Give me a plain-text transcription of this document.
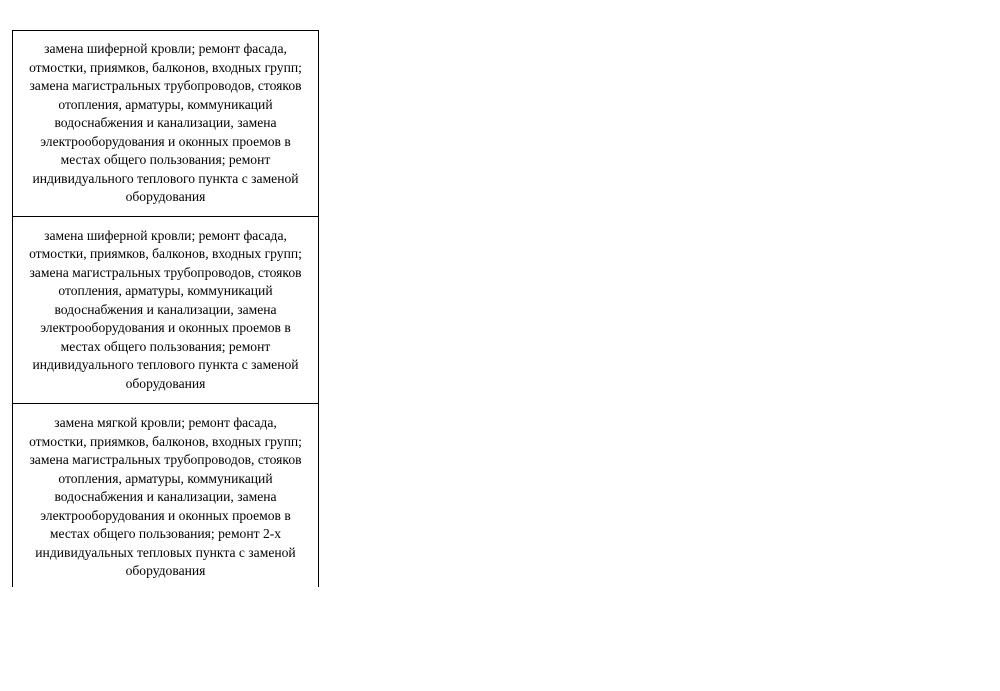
замена шиферной кровли; ремонт фасада,
отмостки, приямков, балконов, входных групп;
замена магистральных трубопроводов, стояков
отопления, арматуры, коммуникаций
водоснабжения и канализации, замена
электрооборудования и оконных проемов в
местах общего пользования; ремонт
индивидуального теплового пункта с заменой
оборудования

замена шиферной кровли; ремонт фасада,
отмостки, приямков, балконов, входных групп;
замена магистральных трубопроводов, стояков
отопления, арматуры, коммуникаций
водоснабжения и канализации, замена
электрооборудования и оконных проемов в
местах общего пользования; ремонт
индивидуального теплового пункта с заменой
оборудования

замена мягкой кровли; ремонт фасада,
отмостки, приямков, балконов, входных групп;
замена магистральных трубопроводов, стояков
отопления, арматуры, коммуникаций
водоснабжения и канализации, замена
электрооборудования и оконных проемов в
местах общего пользования; ремонт 2-х
индивидуальных тепловых пункта с заменой
оборудования
